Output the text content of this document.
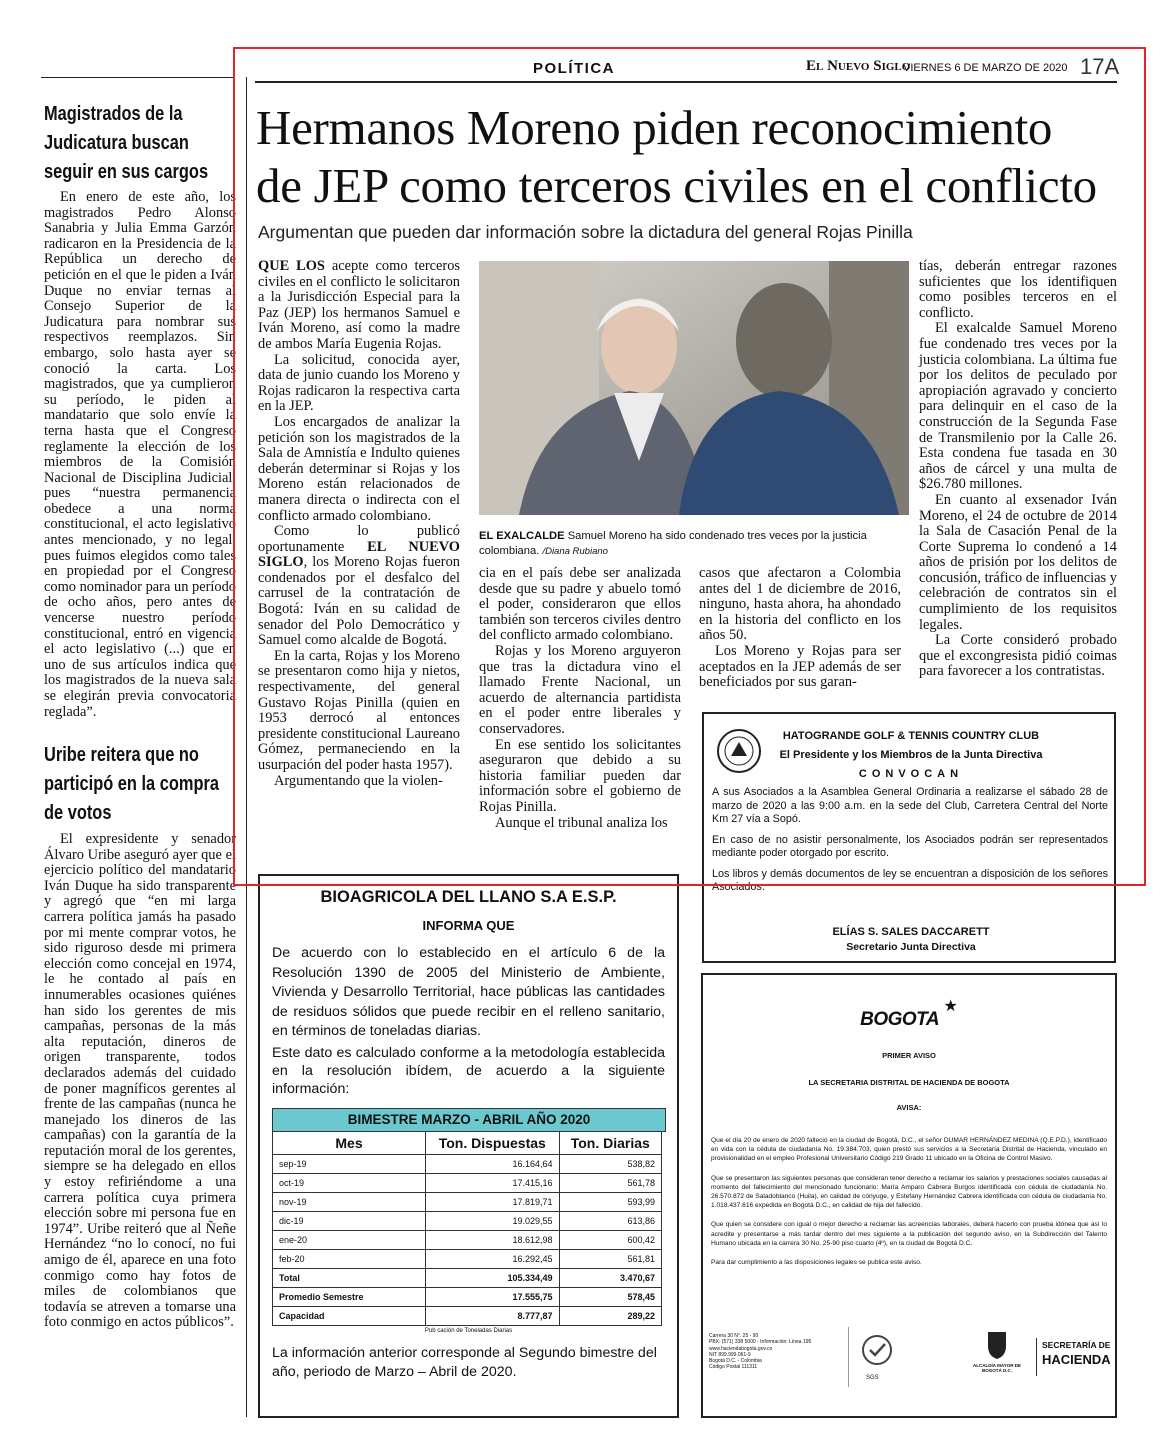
Magistrados de la Judicatura buscan seguir en sus cargos

En enero de este año, los magistrados Pedro Alonso Sanabria y Julia Emma Garzón radicaron en la Presidencia de la República un derecho de petición en el que le piden a Iván Duque no enviar ternas al Consejo Superior de la Judicatura para nombrar sus respectivos reemplazos. Sin embargo, solo hasta ayer se conoció la carta. Los magistrados, que ya cumplieron su período, le piden al mandatario que solo envíe la terna hasta que el Congreso reglamente la elección de los miembros de la Comisión Nacional de Disciplina Judicial, pues “nuestra permanencia obedece a una norma constitucional, el acto legislativo antes mencionado, y no legal, pues fuimos elegidos como tales en propiedad por el Congreso como nominador para un período de ocho años, pero antes de vencerse nuestro período constitucional, entró en vigencia el acto legislativo (...) que en uno de sus artículos indica que los magistrados de la nueva sala se elegirán previa convocatoria reglada”.

Uribe reitera que no participó en la compra de votos

El expresidente y senador Álvaro Uribe aseguró ayer que el ejercicio político del mandatario Iván Duque ha sido transparente y agregó que “en mi larga carrera política jamás ha pasado por mi mente comprar votos, he sido riguroso desde mi primera elección como concejal en 1974, le he contado al país en innumerables ocasiones quiénes han sido los gerentes de mis campañas, personas de la más alta reputación, dineros de origen transparente, todos declarados además del cuidado de poner magníficos gerentes al frente de las campañas (nunca he manejado los dineros de las campañas) con la garantía de la reputación moral de los gerentes, siempre se ha delegado en ellos y estoy refiriéndome a una carrera política cuya primera elección sobre mi persona fue en 1974”. Uribe reiteró que al Ñeñe Hernández “no lo conocí, no fui amigo de él, aparece en una foto conmigo como hay fotos de miles de colombianos que todavía se atreven a tomarse una foto conmigo en actos públicos”.

POLÍTICA	El Nuevo Siglo
VIERNES 6 DE MARZO DE 2020 17A
Hermanos Moreno piden reconocimiento
de JEP como terceros civiles en el conflicto
Argumentan que pueden dar información sobre la dictadura del general Rojas Pinilla

QUE LOS acepte como terceros civiles en el conflicto le solicitaron a la Jurisdicción Especial para la Paz (JEP) los hermanos Samuel e Iván Moreno, así como la madre de ambos María Eugenia Rojas.

La solicitud, conocida ayer, data de junio cuando los Moreno y Rojas radicaron la respectiva carta en la JEP.

Los encargados de analizar la petición son los magistrados de la Sala de Amnistía e Indulto quienes deberán determinar si Rojas y los Moreno están relacionados de manera directa o indirecta con el conflicto armado colombiano.

Como lo publicó oportunamente EL NUEVO SIGLO, los Moreno Rojas fueron condenados por el desfalco del carrusel de la contratación de Bogotá: Iván en su calidad de senador del Polo Democrático y Samuel como alcalde de Bogotá.

En la carta, Rojas y los Moreno se presentaron como hija y nietos, respectivamente, del general Gustavo Rojas Pinilla (quien en 1953 derrocó al entonces presidente constitucional Laureano Gómez, permaneciendo en la usurpación del poder hasta 1957).

Argumentando que la violen-

EL EXALCALDE Samuel Moreno ha sido condenado tres veces por la justicia colombiana. /Diana Rubiano

cia en el país debe ser analizada desde que su padre y abuelo tomó el poder, consideraron que ellos también son terceros civiles dentro del conflicto armado colombiano.

Rojas y los Moreno arguyeron que tras la dictadura vino el llamado Frente Nacional, un acuerdo de alternancia partidista en el poder entre liberales y conservadores.

En ese sentido los solicitantes aseguraron que debido a su historia familiar pueden dar información sobre el gobierno de Rojas Pinilla.

Aunque el tribunal analiza los

casos que afectaron a Colombia antes del 1 de diciembre de 2016, ninguno, hasta ahora, ha ahondado en la historia del conflicto en los años 50.

Los Moreno y Rojas para ser aceptados en la JEP además de ser beneficiados por sus garan-

tías, deberán entregar razones suficientes que los identifiquen como posibles terceros en el conflicto.

El exalcalde Samuel Moreno fue condenado tres veces por la justicia colombiana. La última fue por los delitos de peculado por apropiación agravado y concierto para delinquir en el caso de la construcción de la Segunda Fase de Transmilenio por la Calle 26. Esta condena fue tasada en 30 años de cárcel y una multa de $26.780 millones.

En cuanto al exsenador Iván Moreno, el 24 de octubre de 2014 la Sala de Casación Penal de la Corte Suprema lo condenó a 14 años de prisión por los delitos de concusión, tráfico de influencias y celebración de contratos sin el cumplimiento de los requisitos legales.

La Corte consideró probado que el excongresista pidió coimas para favorecer a los contratistas.

HATOGRANDE GOLF & TENNIS COUNTRY CLUB
El Presidente y los Miembros de la Junta Directiva
CONVOCAN
A sus Asociados a la Asamblea General Ordinaria a realizarse el sábado 28 de marzo de 2020 a las 9:00 a.m. en la sede del Club, Carretera Central del Norte Km 27 vía a Sopó.
En caso de no asistir personalmente, los Asociados podrán ser representados mediante poder otorgado por escrito.
Los libros y demás documentos de ley se encuentran a disposición de los señores Asociados.
ELÍAS S. SALES DACCARETT
Secretario Junta Directiva
BIOAGRICOLA DEL LLANO S.A E.S.P.
INFORMA QUE
De acuerdo con lo establecido en el artículo 6 de la Resolución 1390 de 2005 del Ministerio de Ambiente, Vivienda y Desarrollo Territorial, hace públicas las cantidades de residuos sólidos que puede recibir en el relleno sanitario, en términos de toneladas diarias.
Este dato es calculado conforme a la metodología establecida en la resolución ibídem, de acuerdo a la siguiente información:
BIMESTRE MARZO - ABRIL AÑO 2020
Mes	Ton. Dispuestas	Ton. Diarias
sep-19	16.164,64	538,82
oct-19	17.415,16	561,78
nov-19	17.819,71	593,99
dic-19	19.029,55	613,86
ene-20	18.612,98	600,42
feb-20	16.292,45	561,81
Total	105.334,49	3.470,67
Promedio Semestre	17.555,75	578,45
Capacidad	8.777,87	289,22
Pub cación de Toneladas Diarias
La información anterior corresponde al Segundo bimestre del año, periodo de Marzo – Abril de 2020.
BOGOTA ★
PRIMER AVISO
LA SECRETARIA DISTRITAL DE HACIENDA DE BOGOTA
AVISA:
Que el día 20 de enero de 2020 falleció en la ciudad de Bogotá, D.C., el señor DUMAR HERNÁNDEZ MEDINA (Q.E.P.D.), identificado en vida con la cédula de ciudadanía No. 19.384.703, quien prestó sus servicios a la Secretaría Distrital de Hacienda, vinculado en provisionalidad en el empleo Profesional Universitario Código 219 Grado 11 ubicado en la Oficina de Control Masivo.
Que se presentaron las siguientes personas que consideran tener derecho a reclamar los salarios y prestaciones sociales causadas al momento del fallecimiento del mencionado funcionario: María Amparo Cabrera Burgos identificada con cédula de ciudadanía No. 26.570.872 de Saladoblanco (Huila), en calidad de cónyuge, y Estefany Hernández Cabrera identificada con cédula de ciudadanía No. 1.018.437.616 expedida en Bogotá D.C., en calidad de hija del fallecido.
Que quien se considere con igual o mejor derecho a reclamar las acreencias laborales, deberá hacerlo con prueba idónea que así lo acredite y presentarse a más tardar dentro del mes siguiente a la publicación del segundo aviso, en la Subdirección del Talento Humano ubicada en la carrera 30 No. 25-90 piso cuarto (4º), en la ciudad de Bogotá D.C.
Para dar cumplimiento a las disposiciones legales se publica este aviso.
Carrera 30 N°. 25 - 90
PBX: (571) 338 5000 - Información: Línea 195
www.haciendabogota.gov.co
NIT 899.999.061-9
Bogotá D.C. - Colombia
Código Postal 111311
SGS
ALCALDÍA MAYOR DE BOGOTÁ D.C.
SECRETARÍA DE
HACIENDA
